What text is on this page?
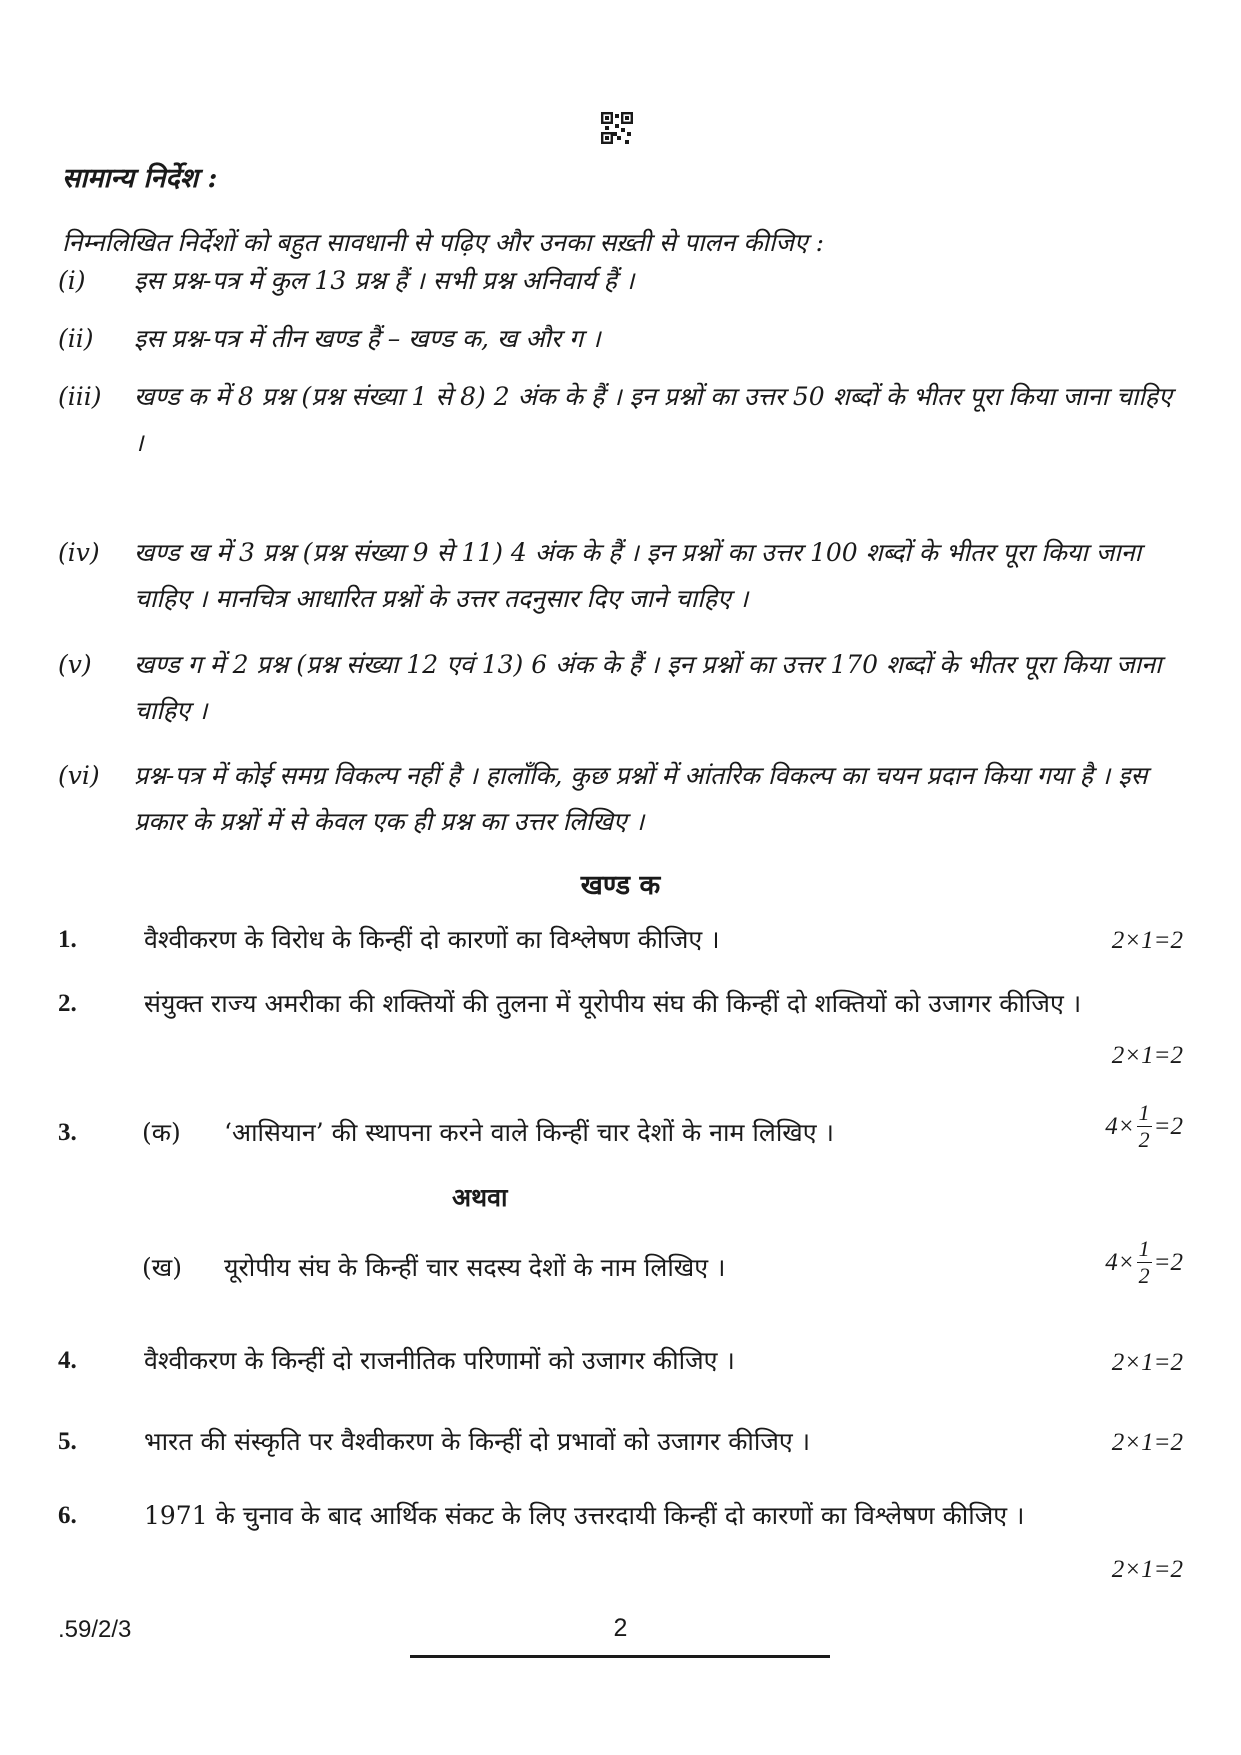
सामान्य निर्देश :
निम्नलिखित निर्देशों को बहुत सावधानी से पढ़िए और उनका सख़्ती से पालन कीजिए :
(i)	इस प्रश्न-पत्र में कुल 13 प्रश्न हैं । सभी प्रश्न अनिवार्य हैं ।
(ii)	इस प्रश्न-पत्र में तीन खण्ड हैं – खण्ड क, ख और ग ।
(iii)	खण्ड क में 8 प्रश्न (प्रश्न संख्या 1 से 8) 2 अंक के हैं । इन प्रश्नों का उत्तर 50 शब्दों के भीतर पूरा किया जाना चाहिए ।
(iv)	खण्ड ख में 3 प्रश्न (प्रश्न संख्या 9 से 11) 4 अंक के हैं । इन प्रश्नों का उत्तर 100 शब्दों के भीतर पूरा किया जाना चाहिए । मानचित्र आधारित प्रश्नों के उत्तर तदनुसार दिए जाने चाहिए ।
(v)	खण्ड ग में 2 प्रश्न (प्रश्न संख्या 12 एवं 13) 6 अंक के हैं । इन प्रश्नों का उत्तर 170 शब्दों के भीतर पूरा किया जाना चाहिए ।
(vi)	प्रश्न-पत्र में कोई समग्र विकल्प नहीं है । हालाँकि, कुछ प्रश्नों में आंतरिक विकल्प का चयन प्रदान किया गया है । इस प्रकार के प्रश्नों में से केवल एक ही प्रश्न का उत्तर लिखिए ।
खण्ड क
1.	वैश्वीकरण के विरोध के किन्हीं दो कारणों का विश्लेषण कीजिए ।	2×1=2
2.	संयुक्त राज्य अमरीका की शक्तियों की तुलना में यूरोपीय संघ की किन्हीं दो शक्तियों को उजागर कीजिए ।
2×1=2
3.	(क) ‘आसियान’ की स्थापना करने वाले किन्हीं चार देशों के नाम लिखिए ।	$4\times \frac{1}{2} =2$
अथवा
(ख) यूरोपीय संघ के किन्हीं चार सदस्य देशों के नाम लिखिए ।	$4\times \frac{1}{2} =2$
4.	वैश्वीकरण के किन्हीं दो राजनीतिक परिणामों को उजागर कीजिए ।	2×1=2
5.	भारत की संस्कृति पर वैश्वीकरण के किन्हीं दो प्रभावों को उजागर कीजिए ।	2×1=2
6.	1971 के चुनाव के बाद आर्थिक संकट के लिए उत्तरदायी किन्हीं दो कारणों का विश्लेषण कीजिए ।
2×1=2
.59/2/3	2
